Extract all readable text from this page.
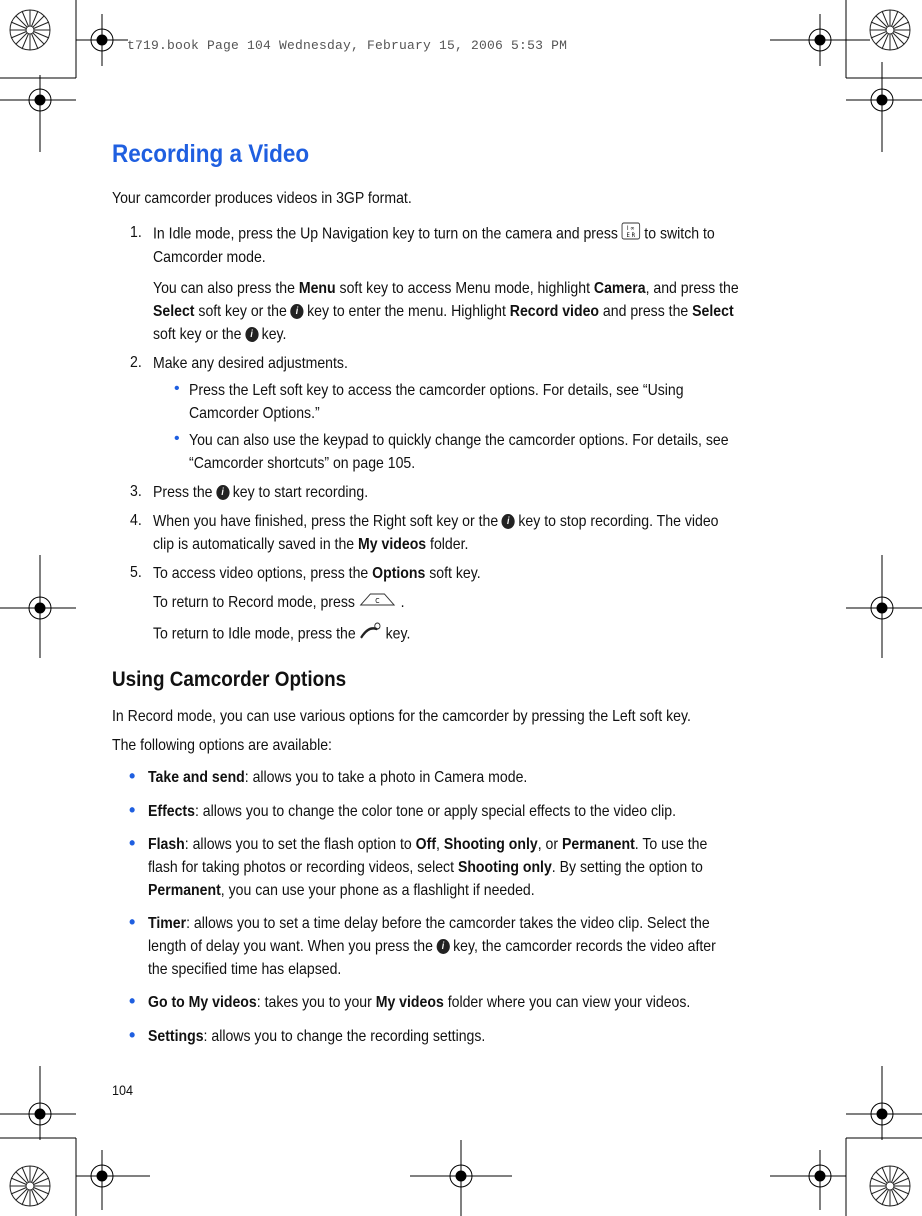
t719.book Page 104 Wednesday, February 15, 2006 5:53 PM
Recording a Video
Your camcorder produces videos in 3GP format.
1. In Idle mode, press the Up Navigation key to turn on the camera and press I ∞
E R to switch to
Camcorder mode.
You can also press the Menu soft key to access Menu mode, highlight Camera, and press the
Select soft key or the i key to enter the menu. Highlight Record video and press the Select
soft key or the i key.
2. Make any desired adjustments.
• Press the Left soft key to access the camcorder options. For details, see “Using
Camcorder Options.”
• You can also use the keypad to quickly change the camcorder options. For details, see
“Camcorder shortcuts” on page 105.
3. Press the i key to start recording.
4. When you have finished, press the Right soft key or the i key to stop recording. The video
clip is automatically saved in the My videos folder.
5. To access video options, press the Options soft key.
To return to Record mode, press	C .
To return to Idle mode, press the key.
Using Camcorder Options
In Record mode, you can use various options for the camcorder by pressing the Left soft key.
The following options are available:
• Take and send: allows you to take a photo in Camera mode.
• Effects: allows you to change the color tone or apply special effects to the video clip.
• Flash: allows you to set the flash option to Off, Shooting only, or Permanent. To use the
flash for taking photos or recording videos, select Shooting only. By setting the option to
Permanent, you can use your phone as a flashlight if needed.
• Timer: allows you to set a time delay before the camcorder takes the video clip. Select the
length of delay you want. When you press the i key, the camcorder records the video after
the specified time has elapsed.
• Go to My videos: takes you to your My videos folder where you can view your videos.
• Settings: allows you to change the recording settings.
104
